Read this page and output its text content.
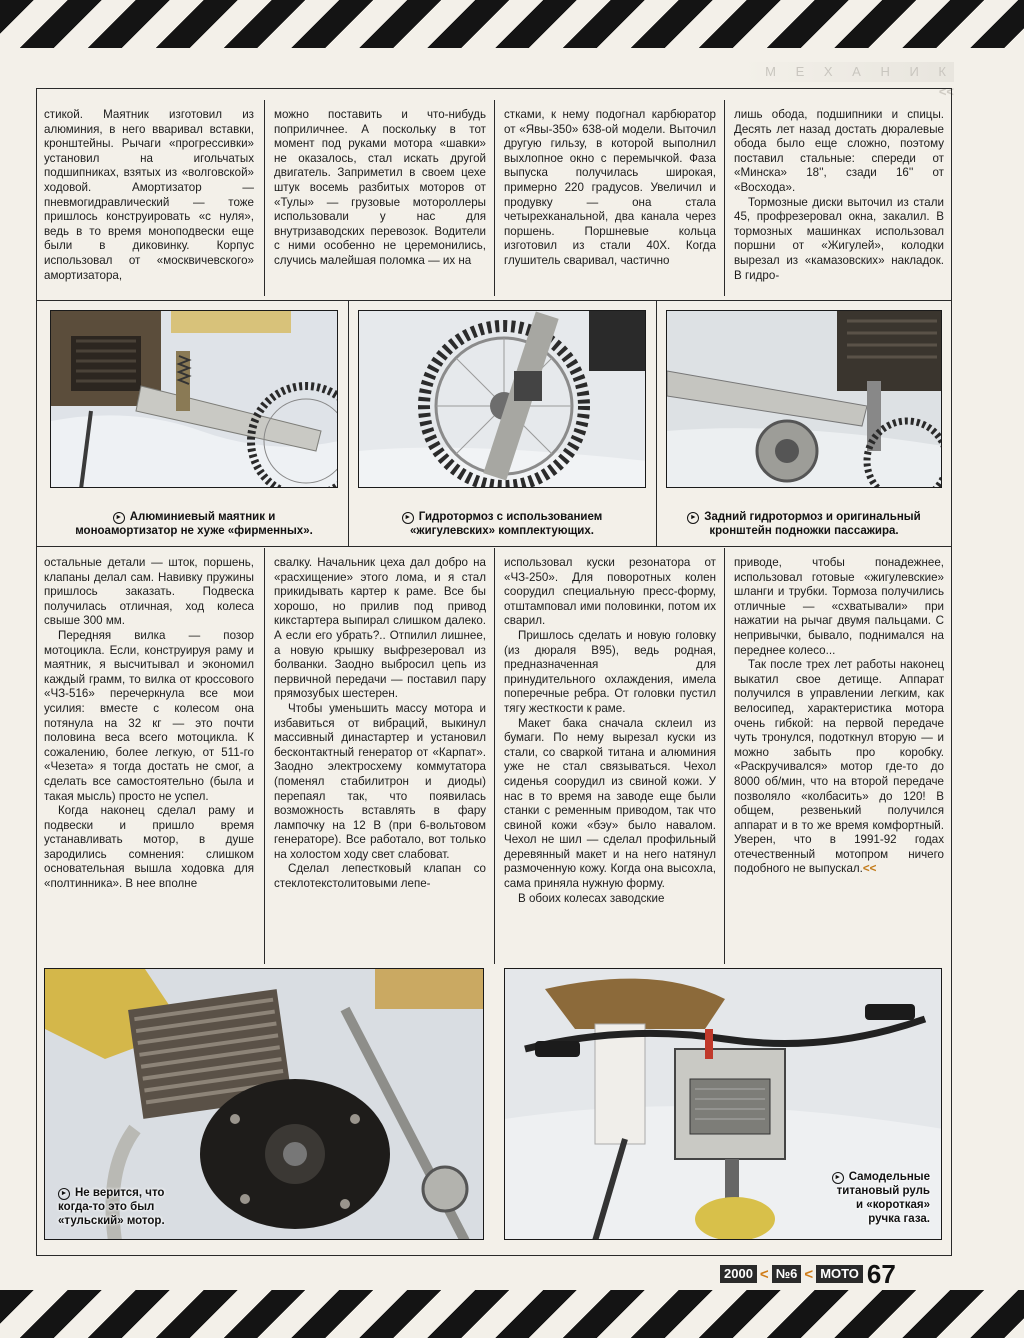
М Е Х А Н И К<<

стикой. Маятник изготовил из алюминия, в него вваривал вставки, кронштейны. Рычаги «прогрессивки» установил на игольчатых подшипниках, взятых из «волговской» ходовой. Амортизатор — пневмогидравлический — тоже пришлось конструировать «с нуля», ведь в то время моноподвески еще были в диковинку. Корпус использовал от «москвичевского» амортизатора,

можно поставить и что-нибудь поприличнее. А поскольку в тот момент под руками мотора «шавки» не оказалось, стал искать другой двигатель. Заприметил в своем цехе штук восемь разбитых моторов от «Тулы» — грузовые мотороллеры использовали у нас для внутризаводских перевозок. Водители с ними особенно не церемонились, случись малейшая поломка — их на

стками, к нему подогнал карбюратор от «Явы-350» 638-ой модели. Выточил другую гильзу, в которой выполнил выхлопное окно с перемычкой. Фаза выпуска получилась широкая, примерно 220 градусов. Увеличил и продувку — она стала четырехканальной, два канала через поршень. Поршневые кольца изготовил из стали 40Х. Когда глушитель сваривал, частично

лишь обода, подшипники и спицы. Десять лет назад достать дюралевые обода было еще сложно, поэтому поставил стальные: спереди от «Минска» 18'', сзади 16'' от «Восхода».

Тормозные диски выточил из стали 45, профрезеровал окна, закалил. В тормозных машинках использовал поршни от «Жигулей», колодки вырезал из «камазовских» накладок. В гидро-

► Алюминиевый маятник и
моноамортизатор не хуже «фирменных».
► Гидротормоз с использованием
«жигулевских» комплектующих.
► Задний гидротормоз и оригинальный
кронштейн подножки пассажира.

остальные детали — шток, поршень, клапаны делал сам. Навивку пружины пришлось заказать. Подвеска получилась отличная, ход колеса свыше 300 мм.

Передняя вилка — позор мотоцикла. Если, конструируя раму и маятник, я высчитывал и экономил каждый грамм, то вилка от кроссового «ЧЗ-516» перечеркнула все мои усилия: вместе с колесом она потянула на 32 кг — это почти половина веса всего мотоцикла. К сожалению, более легкую, от 511-го «Чезета» я тогда достать не смог, а сделать все самостоятельно (была и такая мысль) просто не успел.

Когда наконец сделал раму и подвески и пришло время устанавливать мотор, в душе зародились сомнения: слишком основательная вышла ходовка для «полтинника». В нее вполне

свалку. Начальник цеха дал добро на «расхищение» этого лома, и я стал прикидывать картер к раме. Все бы хорошо, но прилив под привод кикстартера выпирал слишком далеко. А если его убрать?.. Отпилил лишнее, а новую крышку выфрезеровал из болванки. Заодно выбросил цепь из первичной передачи — поставил пару прямозубых шестерен.

Чтобы уменьшить массу мотора и избавиться от вибраций, выкинул массивный династартер и установил бесконтактный генератор от «Карпат». Заодно электросхему коммутатора (поменял стабилитрон и диоды) перепаял так, что появилась возможность вставлять в фару лампочку на 12 В (при 6-вольтовом генераторе). Все работало, вот только на холостом ходу свет слабоват.

Сделал лепестковый клапан со стеклотекстолитовыми лепе-

использовал куски резонатора от «ЧЗ-250». Для поворотных колен соорудил специальную пресс-форму, отштамповал ими половинки, потом их сварил.

Пришлось сделать и новую головку (из дюраля В95), ведь родная, предназначенная для принудительного охлаждения, имела поперечные ребра. От головки пустил тягу жесткости к раме.

Макет бака сначала склеил из бумаги. По нему вырезал куски из стали, со сваркой титана и алюминия уже не стал связываться. Чехол сиденья соорудил из свиной кожи. У нас в то время на заводе еще были станки с ременным приводом, так что свиной кожи «бэу» было навалом. Чехол не шил — сделал профильный деревянный макет и на него натянул размоченную кожу. Когда она высохла, сама приняла нужную форму.

В обоих колесах заводские

приводе, чтобы понадежнее, использовал готовые «жигулевские» шланги и трубки. Тормоза получились отличные — «схватывали» при нажатии на рычаг двумя пальцами. С непривычки, бывало, поднимался на переднее колесо...

Так после трех лет работы наконец выкатил свое детище. Аппарат получился в управлении легким, как велосипед, характеристика мотора очень гибкой: на первой передаче чуть тронулся, подоткнул вторую — и можно забыть про коробку. «Раскручивался» мотор где-то до 8000 об/мин, что на второй передаче позволяло «колбасить» до 120! В общем, резвенький получился аппарат и в то же время комфортный. Уверен, что в 1991-92 годах отечественный мотопром ничего подобного не выпускал.<<

► Не верится, что
когда-то это был
«тульский» мотор.
► Самодельные
титановый руль
и «короткая»
ручка газа.
2000 < №6 < МОТО 67
